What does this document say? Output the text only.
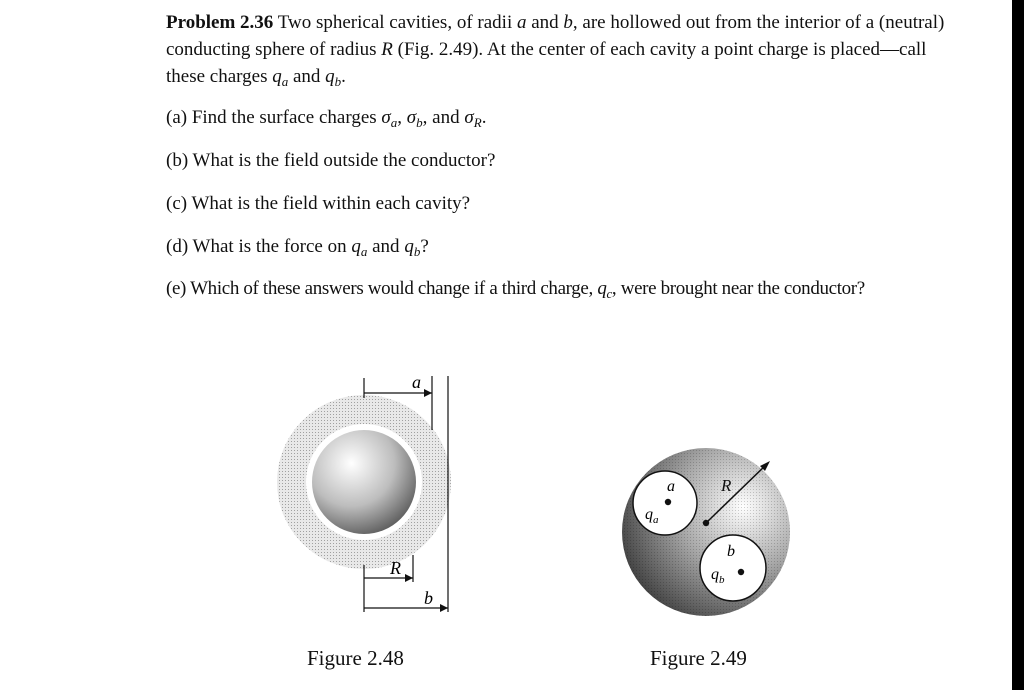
Problem 2.36 Two spherical cavities, of radii a and b, are hollowed out from the interior of a (neutral) conducting sphere of radius R (Fig. 2.49). At the center of each cavity a point charge is placed—call these charges $q_a$ and $q_b$.
(a) Find the surface charges $\sigma_a$, $\sigma_b$, and $\sigma_R$.
(b) What is the field outside the conductor?
(c) What is the field within each cavity?
(d) What is the force on $q_a$ and $q_b$?
(e) Which of these answers would change if a third charge, $q_c$, were brought near the conductor?
a
R
b
Figure 2.48
R
a
b
$q_a$
$q_b$
Figure 2.49
